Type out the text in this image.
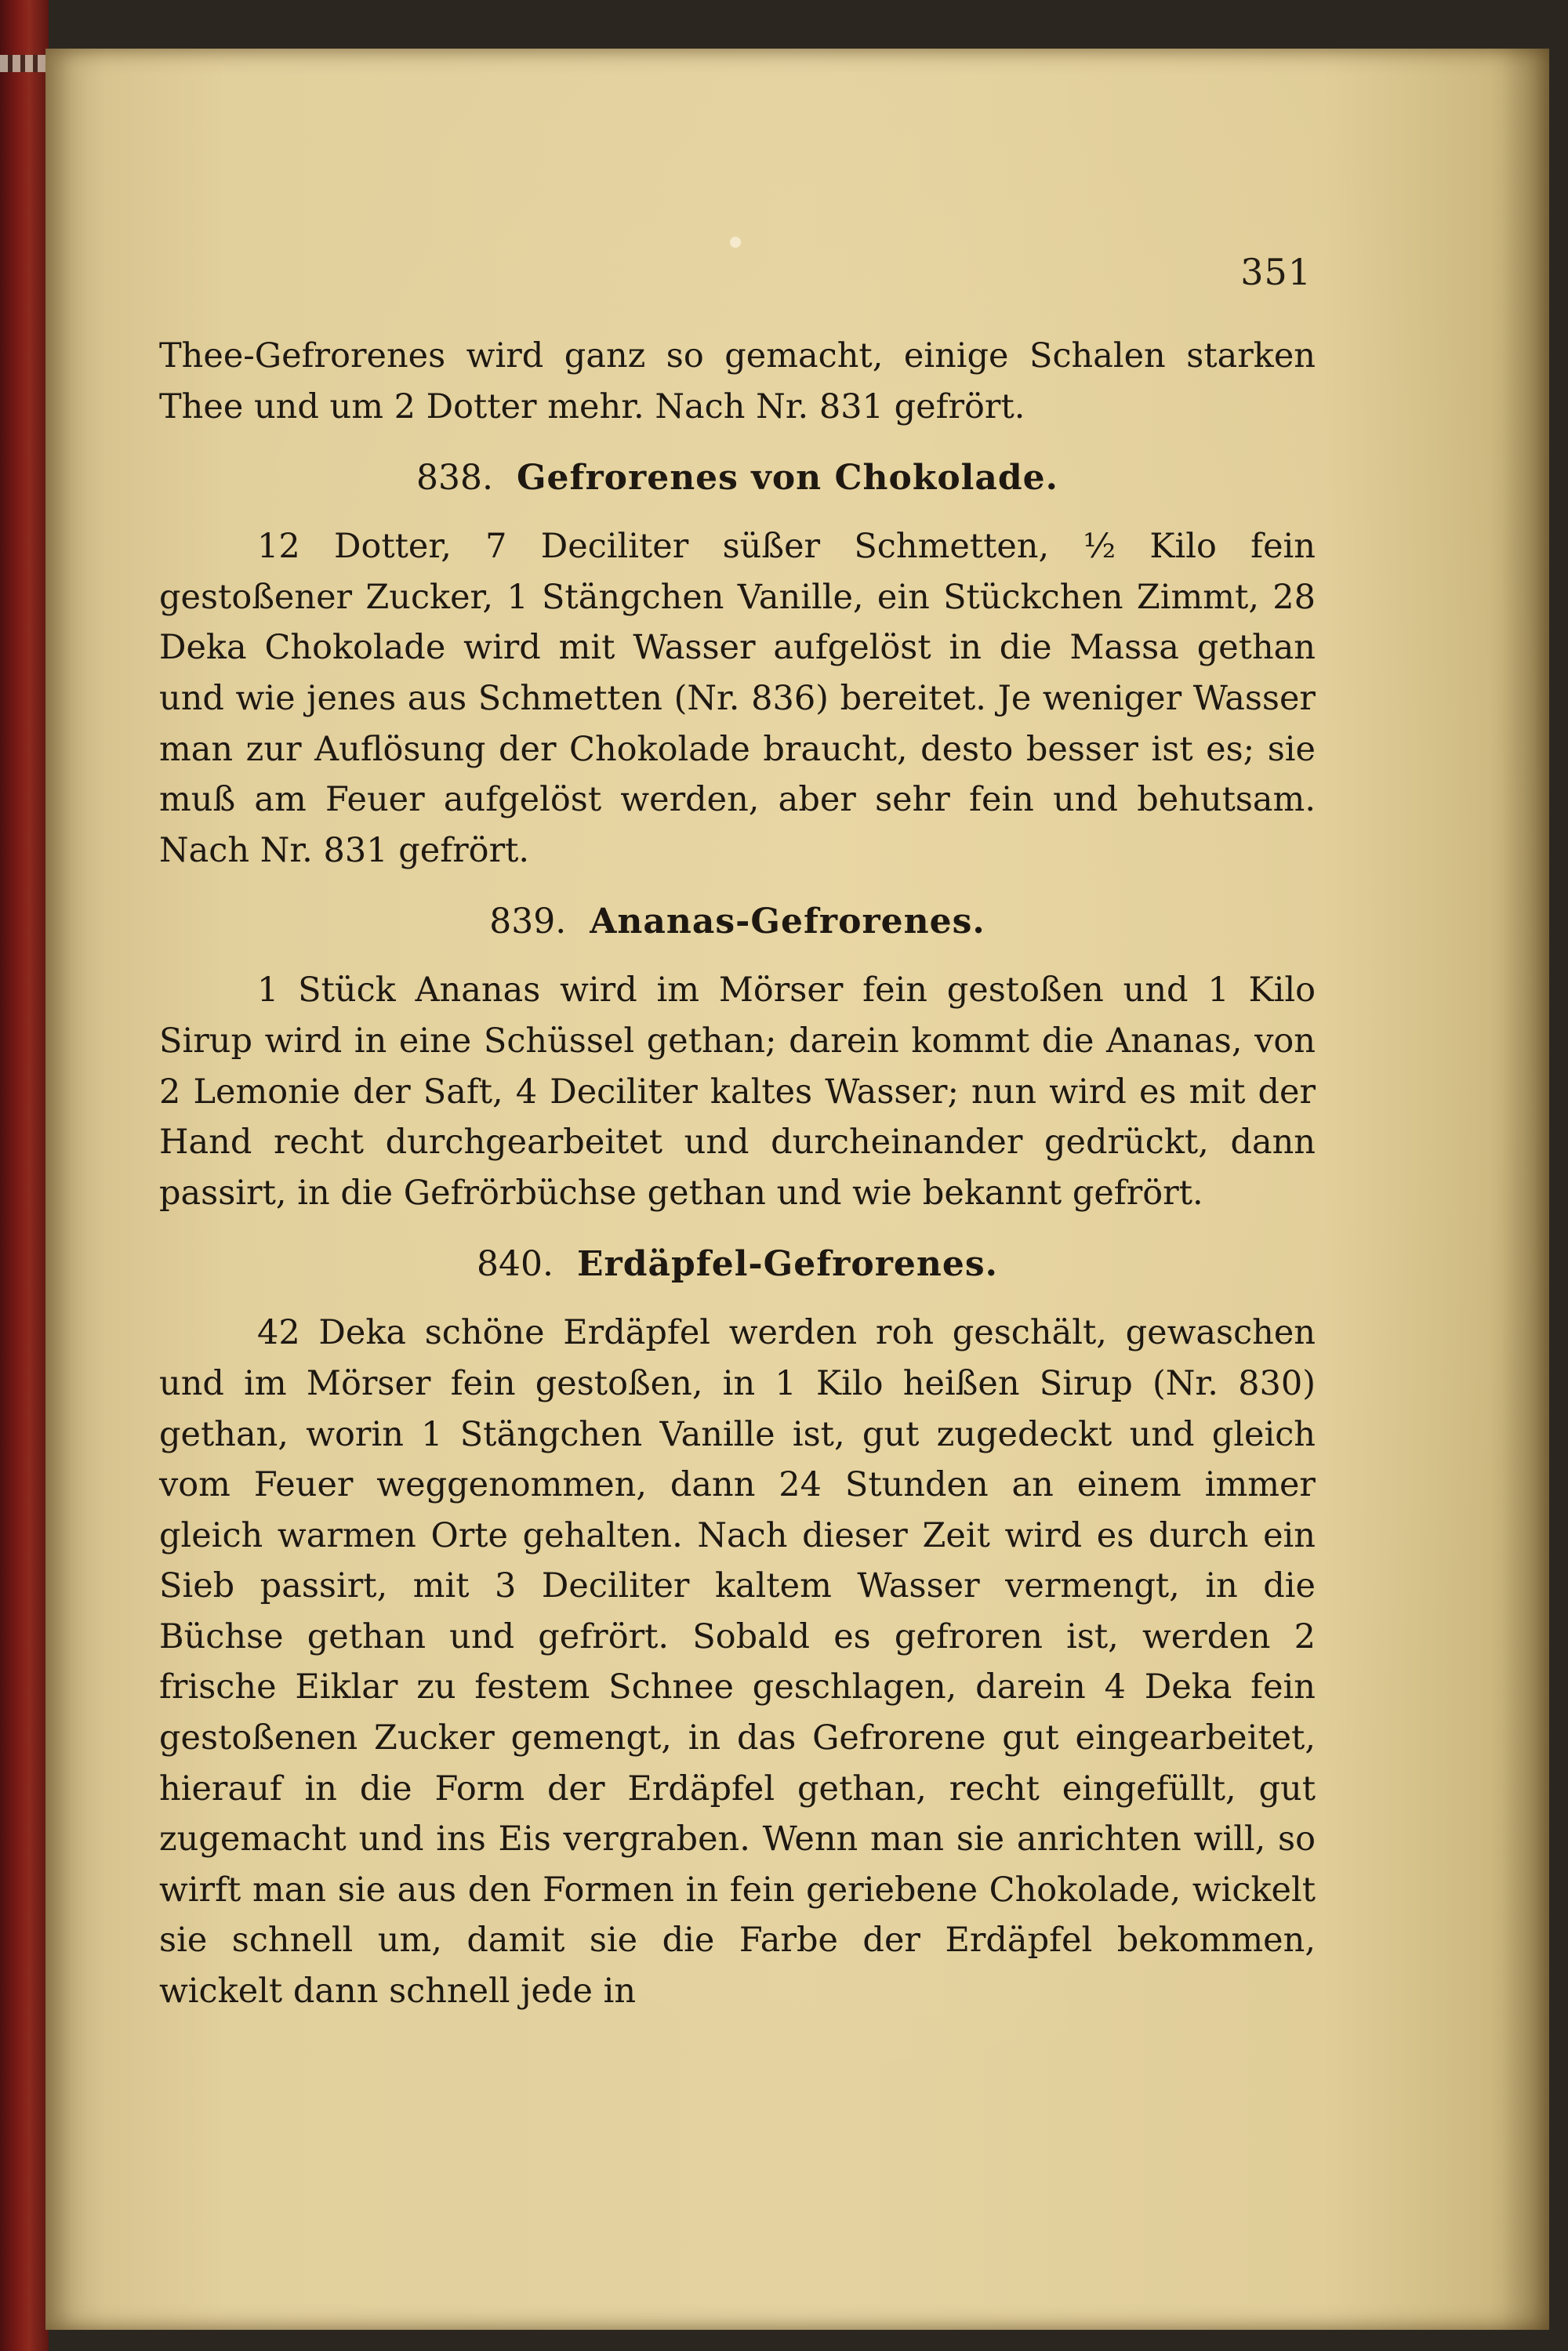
351

Thee-Gefrorenes wird ganz so gemacht, einige Schalen starken Thee und um 2 Dotter mehr. Nach Nr. 831 gefrört.

838. Gefrorenes von Chokolade.

12 Dotter, 7 Deciliter süßer Schmetten, ½ Kilo fein gestoßener Zucker, 1 Stängchen Vanille, ein Stückchen Zimmt, 28 Deka Chokolade wird mit Wasser aufgelöst in die Massa gethan und wie jenes aus Schmetten (Nr. 836) bereitet. Je weniger Wasser man zur Auflösung der Chokolade braucht, desto besser ist es; sie muß am Feuer aufgelöst werden, aber sehr fein und behutsam. Nach Nr. 831 gefrört.

839. Ananas-Gefrorenes.

1 Stück Ananas wird im Mörser fein gestoßen und 1 Kilo Sirup wird in eine Schüssel gethan; darein kommt die Ananas, von 2 Lemonie der Saft, 4 Deciliter kaltes Wasser; nun wird es mit der Hand recht durchgearbeitet und durcheinander gedrückt, dann passirt, in die Gefrörbüchse gethan und wie bekannt gefrört.

840. Erdäpfel-Gefrorenes.

42 Deka schöne Erdäpfel werden roh geschält, gewaschen und im Mörser fein gestoßen, in 1 Kilo heißen Sirup (Nr. 830) gethan, worin 1 Stängchen Vanille ist, gut zugedeckt und gleich vom Feuer weggenommen, dann 24 Stunden an einem immer gleich warmen Orte gehalten. Nach dieser Zeit wird es durch ein Sieb passirt, mit 3 Deciliter kaltem Wasser vermengt, in die Büchse gethan und gefrört. Sobald es gefroren ist, werden 2 frische Eiklar zu festem Schnee geschlagen, darein 4 Deka fein gestoßenen Zucker gemengt, in das Gefrorene gut eingearbeitet, hierauf in die Form der Erdäpfel gethan, recht eingefüllt, gut zugemacht und ins Eis vergraben. Wenn man sie anrichten will, so wirft man sie aus den Formen in fein geriebene Chokolade, wickelt sie schnell um, damit sie die Farbe der Erdäpfel bekommen, wickelt dann schnell jede in
